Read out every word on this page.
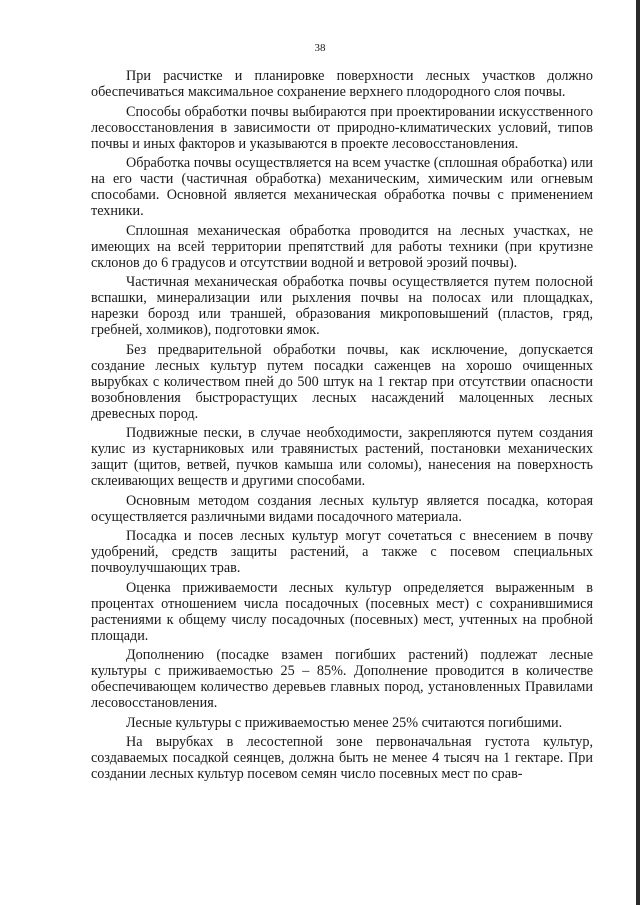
38

При расчистке и планировке поверхности лесных участков должно обеспечиваться максимальное сохранение верхнего плодородного слоя почвы.

Способы обработки почвы выбираются при проектировании искусственного лесовосстановления в зависимости от природно-климатических условий, типов почвы и иных факторов и указываются в проекте лесовосстановления.

Обработка почвы осуществляется на всем участке (сплошная обработка) или на его части (частичная обработка) механическим, химическим или огневым способами. Основной является механическая обработка почвы с применением техники.

Сплошная механическая обработка проводится на лесных участках, не имеющих на всей территории препятствий для работы техники (при крутизне склонов до 6 градусов и отсутствии водной и ветровой эрозий почвы).

Частичная механическая обработка почвы осуществляется путем полосной вспашки, минерализации или рыхления почвы на полосах или площадках, нарезки борозд или траншей, образования микроповышений (пластов, гряд, гребней, холмиков), подготовки ямок.

Без предварительной обработки почвы, как исключение, допускается создание лесных культур путем посадки саженцев на хорошо очищенных вырубках с количеством пней до 500 штук на 1 гектар при отсутствии опасности возобновления быстрорастущих лесных насаждений малоценных лесных древесных пород.

Подвижные пески, в случае необходимости, закрепляются путем создания кулис из кустарниковых или травянистых растений, постановки механических защит (щитов, ветвей, пучков камыша или соломы), нанесения на поверхность склеивающих веществ и другими способами.

Основным методом создания лесных культур является посадка, которая осуществляется различными видами посадочного материала.

Посадка и посев лесных культур могут сочетаться с внесением в почву удобрений, средств защиты растений, а также с посевом специальных почвоулучшающих трав.

Оценка приживаемости лесных культур определяется выраженным в процентах отношением числа посадочных (посевных мест) с сохранившимися растениями к общему числу посадочных (посевных) мест, учтенных на пробной площади.

Дополнению (посадке взамен погибших растений) подлежат лесные культуры с приживаемостью 25 – 85%. Дополнение проводится в количестве обеспечивающем количество деревьев главных пород, установленных Правилами лесовосстановления.

Лесные культуры с приживаемостью менее 25% считаются погибшими.

На вырубках в лесостепной зоне первоначальная густота культур, создаваемых посадкой сеянцев, должна быть не менее 4 тысяч на 1 гектаре. При создании лесных культур посевом семян число посевных мест по срав-
